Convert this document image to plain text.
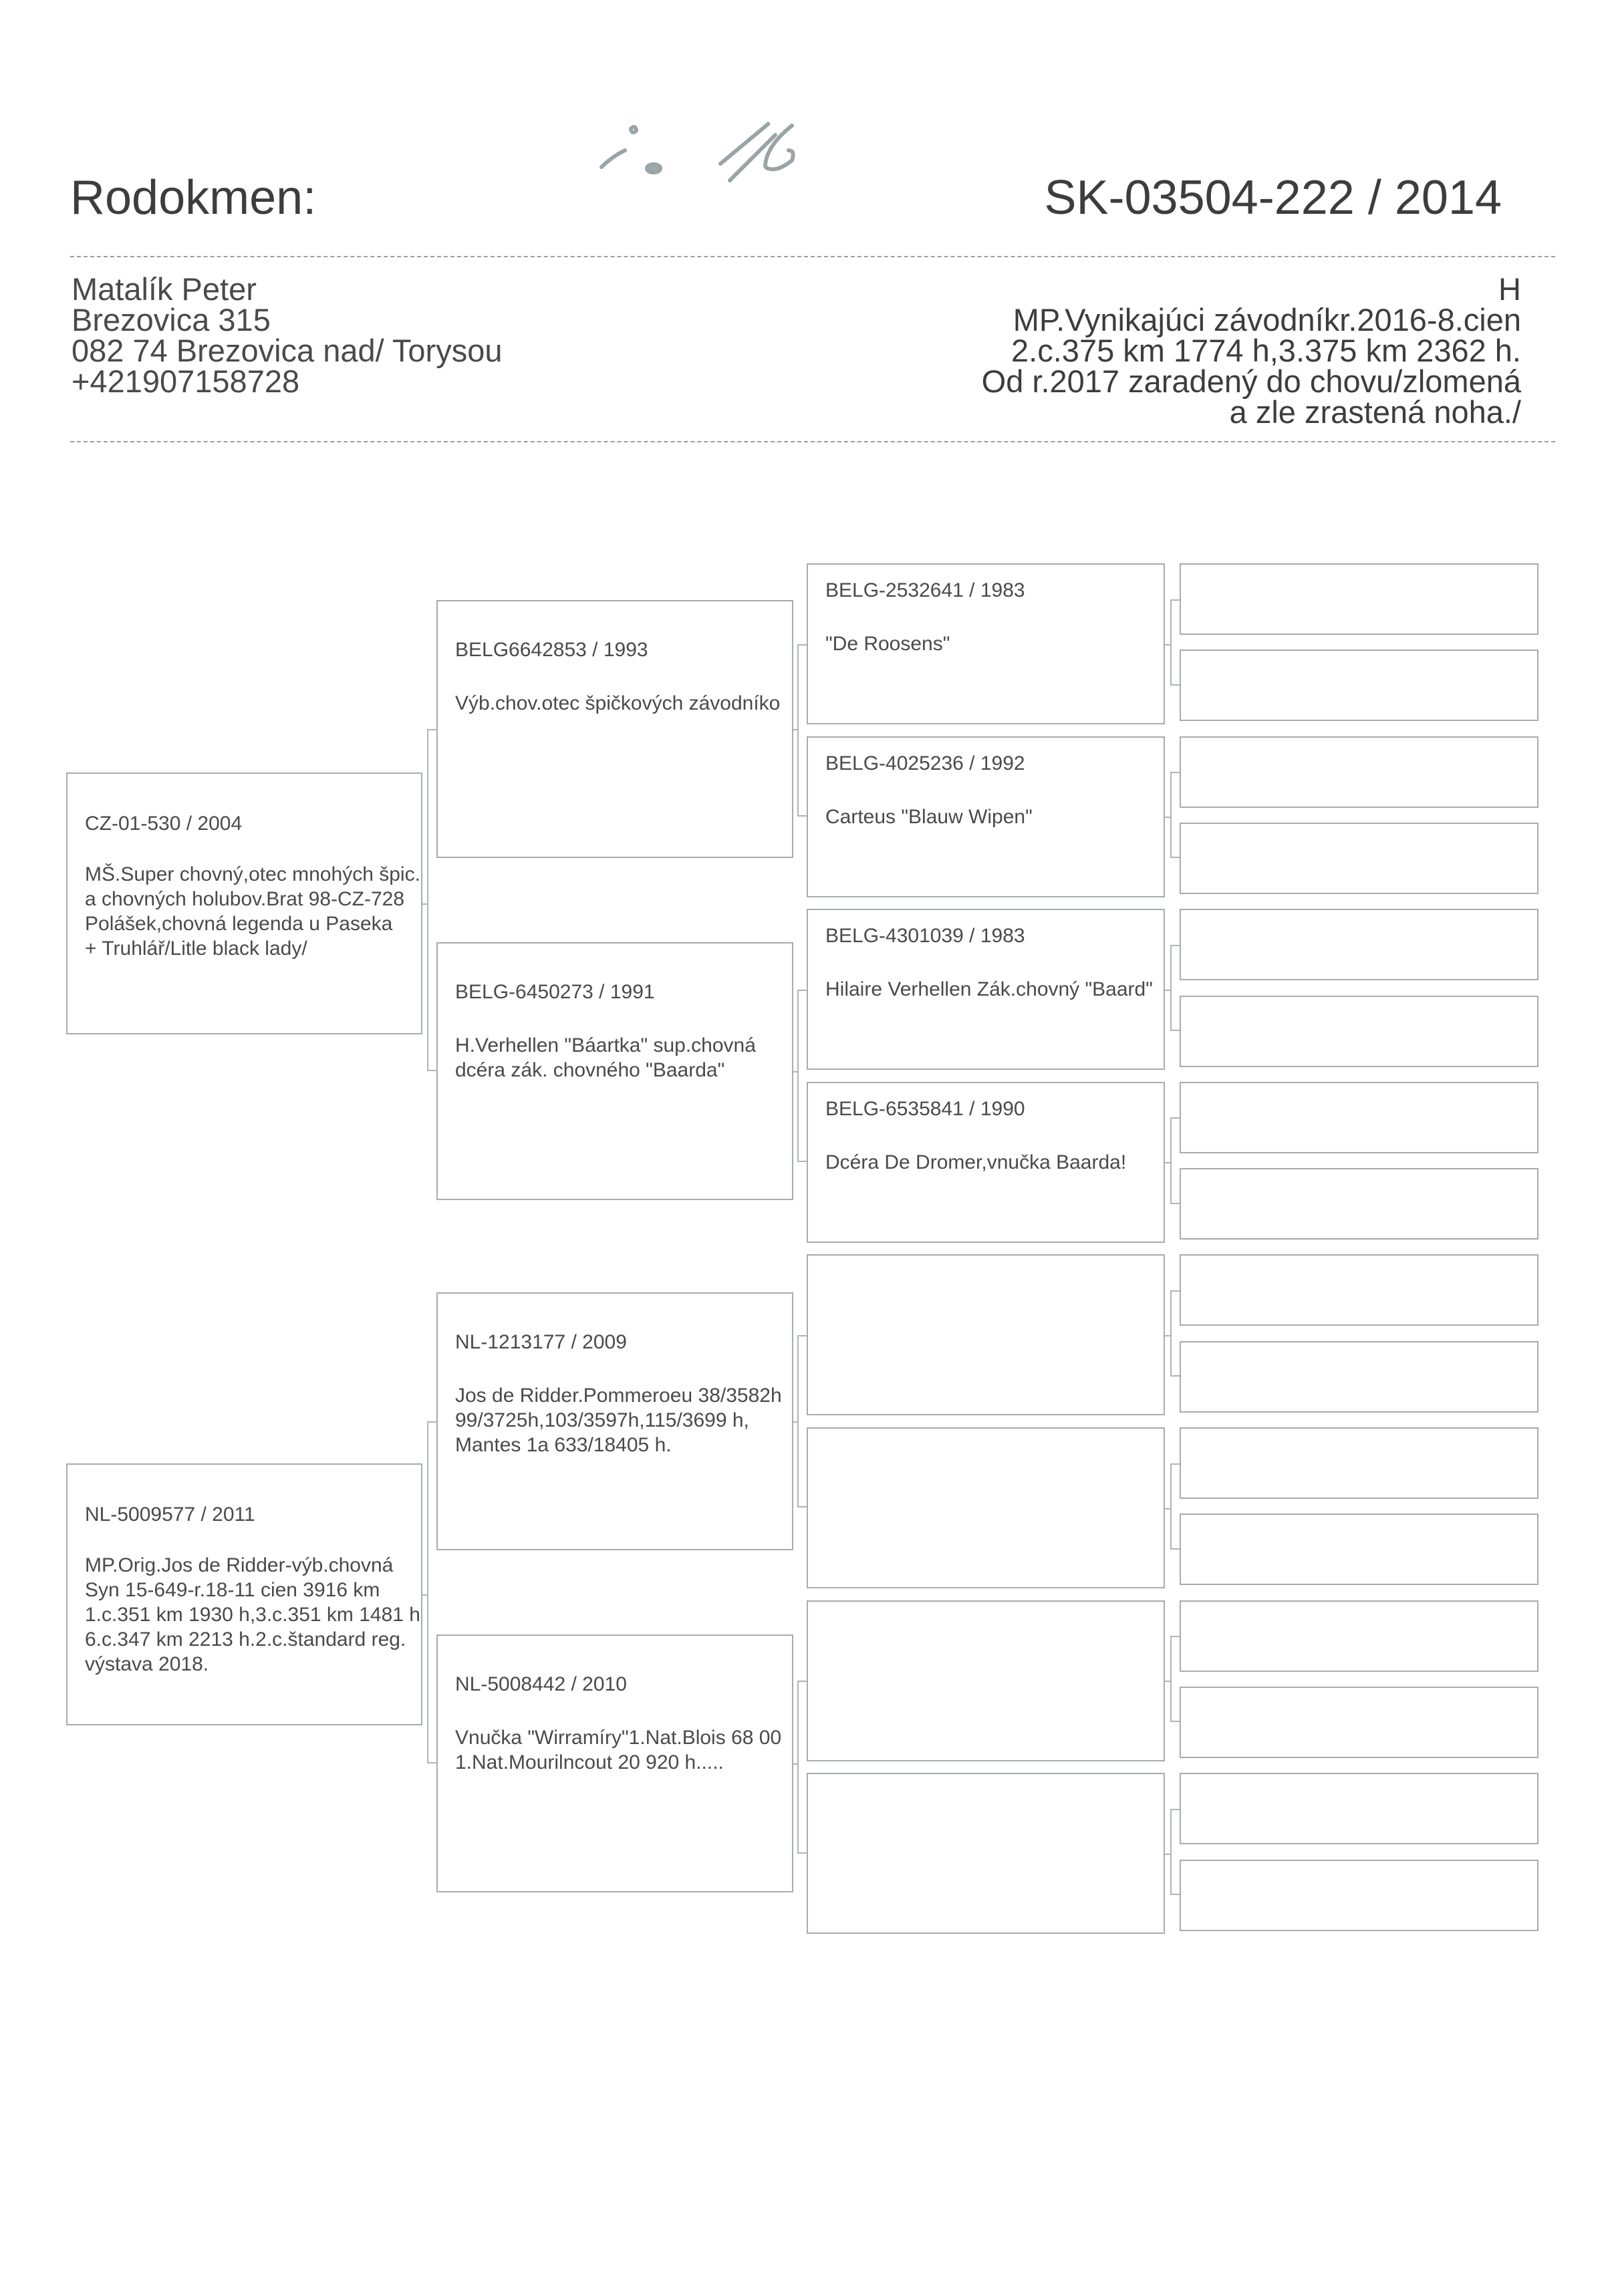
Rodokmen:	SK-03504-222 / 2014
Matalík Peter
Brezovica 315
082 74 Brezovica nad/ Torysou
+421907158728
H
MP.Vynikajúci závodníkr.2016-8.cien
2.c.375 km 1774 h,3.375 km 2362 h.
Od r.2017 zaradený do chovu/zlomená
a zle zrastená noha./
CZ-01-530 / 2004
MŠ.Super chovný,otec mnohých špic.
a chovných holubov.Brat 98-CZ-728
Polášek,chovná legenda u Paseka
+ Truhlář/Litle black lady/
NL-5009577 / 2011
MP.Orig.Jos de Ridder-výb.chovná
Syn 15-649-r.18-11 cien 3916 km
1.c.351 km 1930 h,3.c.351 km 1481 h
6.c.347 km 2213 h.2.c.štandard reg.
výstava 2018.
BELG6642853 / 1993
Výb.chov.otec špičkových závodníko
BELG-6450273 / 1991
H.Verhellen "Báartka" sup.chovná
dcéra zák. chovného "Baarda"
NL-1213177 / 2009
Jos de Ridder.Pommeroeu 38/3582h
99/3725h,103/3597h,115/3699 h,
Mantes 1a 633/18405 h.
NL-5008442 / 2010
Vnučka "Wirramíry"1.Nat.Blois 68 00
1.Nat.Mourilncout 20 920 h.....
BELG-2532641 / 1983
"De Roosens"
BELG-4025236 / 1992
Carteus "Blauw Wipen"
BELG-4301039 / 1983
Hilaire Verhellen Zák.chovný "Baard"
BELG-6535841 / 1990
Dcéra De Dromer,vnučka Baarda!
